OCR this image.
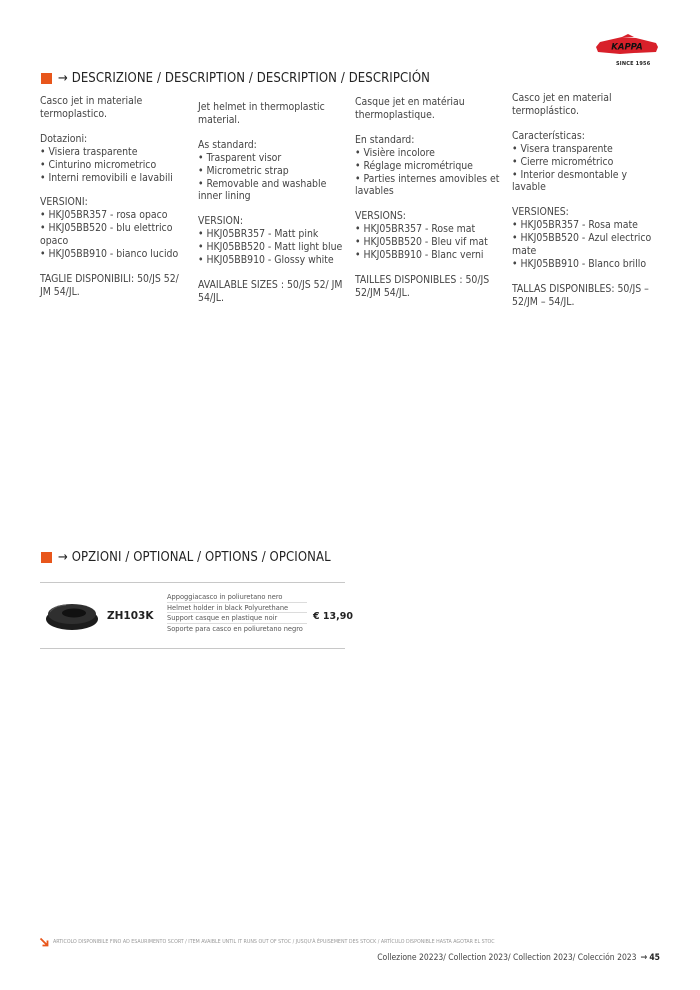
KAPPA
SINCE 1956
→ DESCRIZIONE / DESCRIPTION / DESCRIPTION / DESCRIPCIÓN

Casco jet in materiale termoplastico.

Dotazioni:
• Visiera trasparente
• Cinturino micrometrico
• Interni removibili e lavabili

VERSIONI:
• HKJ05BR357 - rosa opaco
• HKJ05BB520 - blu elettrico opaco
• HKJ05BB910 - bianco lucido

TAGLIE DISPONIBILI: 50/JS 52/ JM 54/JL.

Jet helmet in thermoplastic material.

As standard:
• Trasparent visor
• Micrometric strap
• Removable and washable inner lining

VERSION:
• HKJ05BR357 - Matt pink
• HKJ05BB520 - Matt light blue
• HKJ05BB910 - Glossy white

AVAILABLE SIZES : 50/JS 52/ JM 54/JL.

Casque jet en matériau thermoplastique.

En standard:
• Visière incolore
• Réglage micrométrique
• Parties internes amovibles et lavables

VERSIONS:
• HKJ05BR357 - Rose mat
• HKJ05BB520 - Bleu vif mat
• HKJ05BB910 - Blanc verni

TAILLES DISPONIBLES : 50/JS 52/JM 54/JL.

Casco jet en material termoplástico.

Características:
• Visera transparente
• Cierre micrométrico
• Interior desmontable y lavable

VERSIONES:
• HKJ05BR357 - Rosa mate
• HKJ05BB520 - Azul electrico mate
• HKJ05BB910 - Blanco brillo

TALLAS DISPONIBLES: 50/JS – 52/JM – 54/JL.

→ OPZIONI / OPTIONAL / OPTIONS / OPCIONAL
ZH103K
Appoggiacasco in poliuretano nero
Helmet holder in black Polyurethane
Support casque en plastique noir
Soporte para casco en poliuretano negro
€ 13,90
ARTICOLO DISPONIBILE FINO AD ESAURIMENTO SCORT / ITEM AVAIBLE UNTIL IT RUNS OUT OF STOC / JUSQU'À ÉPUISEMENT DES STOCK / ARTÍCULO DISPONIBLE HASTA AGOTAR EL STOC
Collezione 20223/ Collection 2023/ Collection 2023/ Colección 2023 → 45
